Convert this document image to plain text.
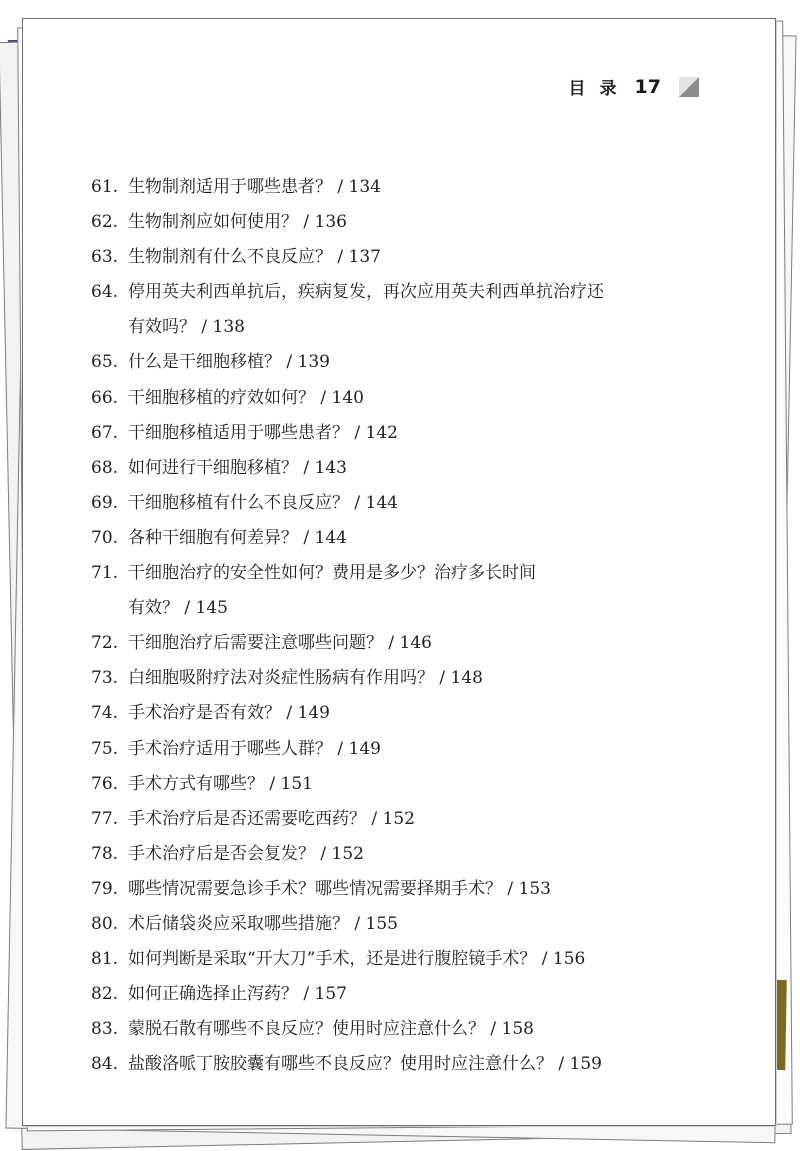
目录 17
61. 生物制剂适用于哪些患者？ / 134
62. 生物制剂应如何使用？ / 136
63. 生物制剂有什么不良反应？ / 137
64. 停用英夫利西单抗后，疾病复发，再次应用英夫利西单抗治疗还
有效吗？ / 138
65. 什么是干细胞移植？ / 139
66. 干细胞移植的疗效如何？ / 140
67. 干细胞移植适用于哪些患者？ / 142
68. 如何进行干细胞移植？ / 143
69. 干细胞移植有什么不良反应？ / 144
70. 各种干细胞有何差异？ / 144
71. 干细胞治疗的安全性如何？费用是多少？治疗多长时间
有效？ / 145
72. 干细胞治疗后需要注意哪些问题？ / 146
73. 白细胞吸附疗法对炎症性肠病有作用吗？ / 148
74. 手术治疗是否有效？ / 149
75. 手术治疗适用于哪些人群？ / 149
76. 手术方式有哪些？ / 151
77. 手术治疗后是否还需要吃西药？ / 152
78. 手术治疗后是否会复发？ / 152
79. 哪些情况需要急诊手术？哪些情况需要择期手术？ / 153
80. 术后储袋炎应采取哪些措施？ / 155
81. 如何判断是采取“开大刀”手术，还是进行腹腔镜手术？ / 156
82. 如何正确选择止泻药？ / 157
83. 蒙脱石散有哪些不良反应？使用时应注意什么？ / 158
84. 盐酸洛哌丁胺胶囊有哪些不良反应？使用时应注意什么？ / 159
